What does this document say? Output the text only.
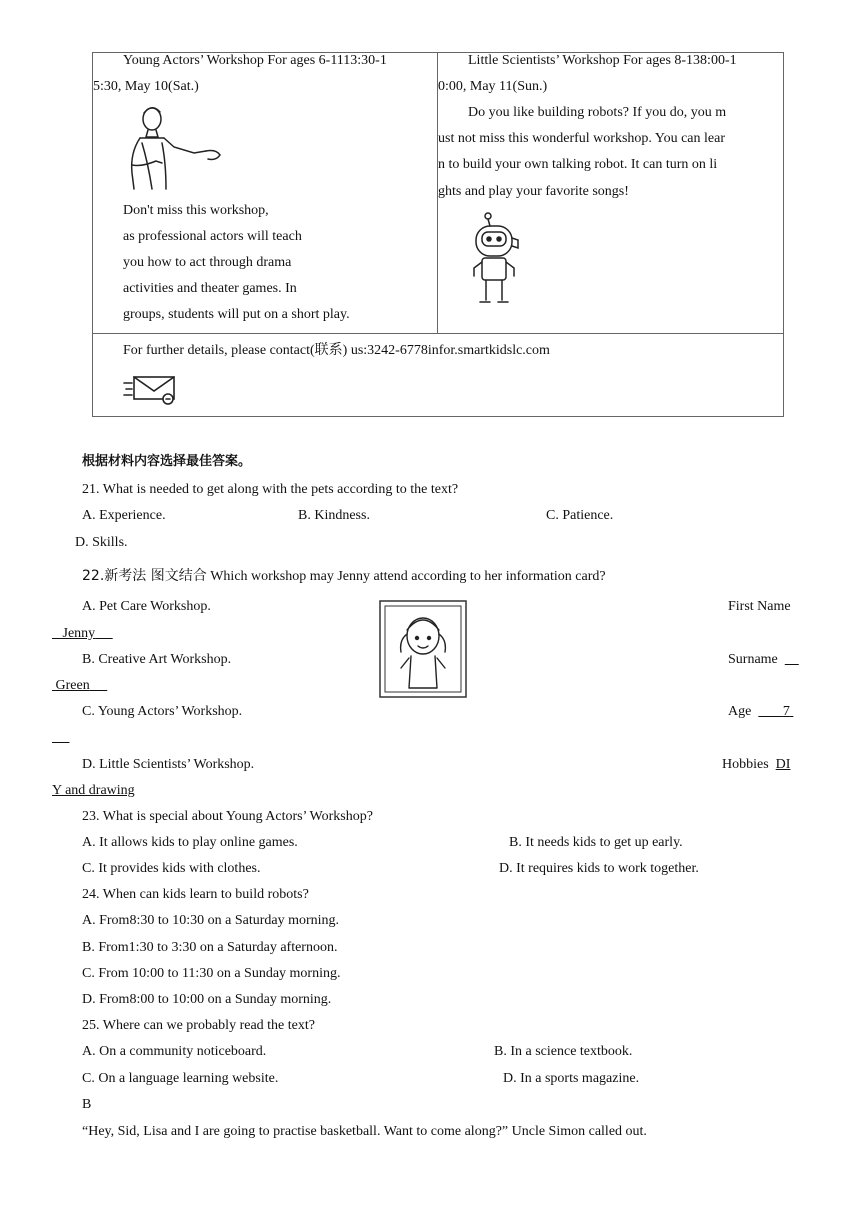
Young Actors’ Workshop For ages 6-1113:30-1
5:30, May 10(Sat.)
Don't miss this workshop,
as professional actors will teach
you how to act through drama
activities and theater games. In
groups, students will put on a short play.
Little Scientists’ Workshop For ages 8-138:00-1
0:00, May 11(Sun.)
Do you like building robots? If you do, you m
ust not miss this wonderful workshop. You can lear
n to build your own talking robot. It can turn on li
ghts and play your favorite songs!
For further details, please contact(联系) us:3242-6778infor.smartkidslc.com
根据材料内容选择最佳答案。
21. What is needed to get along with the pets according to the text?
A. Experience.	B. Kindness.	C. Patience.
D. Skills.
22.新考法 图文结合 Which workshop may Jenny attend according to her information card?
A. Pet Care Workshop.
B. Creative Art Workshop.
C. Young Actors’ Workshop.
D. Little Scientists’ Workshop.
First Name
Jenny
Surname
Green
Age 7

Hobbies DI
Y and drawing
23. What is special about Young Actors’ Workshop?
A. It allows kids to play online games.	B. It needs kids to get up early.
C. It provides kids with clothes.	D. It requires kids to work together.
24. When can kids learn to build robots?
A. From8:30 to 10:30 on a Saturday morning.
B. From1:30 to 3:30 on a Saturday afternoon.
C. From 10:00 to 11:30 on a Sunday morning.
D. From8:00 to 10:00 on a Sunday morning.
25. Where can we probably read the text?
A. On a community noticeboard.	B. In a science textbook.
C. On a language learning website.	D. In a sports magazine.
B
“Hey, Sid, Lisa and I are going to practise basketball. Want to come along?” Uncle Simon called out.
